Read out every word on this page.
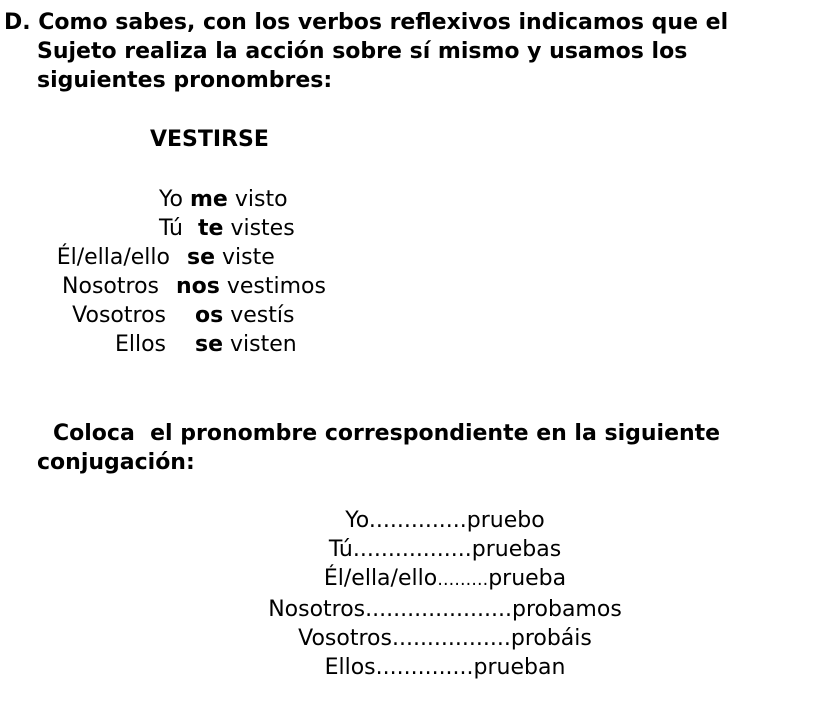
D. Como sabes, con los verbos reflexivos indicamos que el
Sujeto realiza la acción sobre sí mismo y usamos los
siguientes pronombres:
VESTIRSE
Yo me visto
Tú te vistes
Él/ella/ello se viste
Nosotros nos vestimos
Vosotros os vestís
Ellos se visten
Coloca  el pronombre correspondiente en la siguiente
conjugación:
Yo..............pruebo
Tú.................pruebas
Él/ella/ello………prueba
Nosotros.....................probamos
Vosotros.................probáis
Ellos..............prueban
